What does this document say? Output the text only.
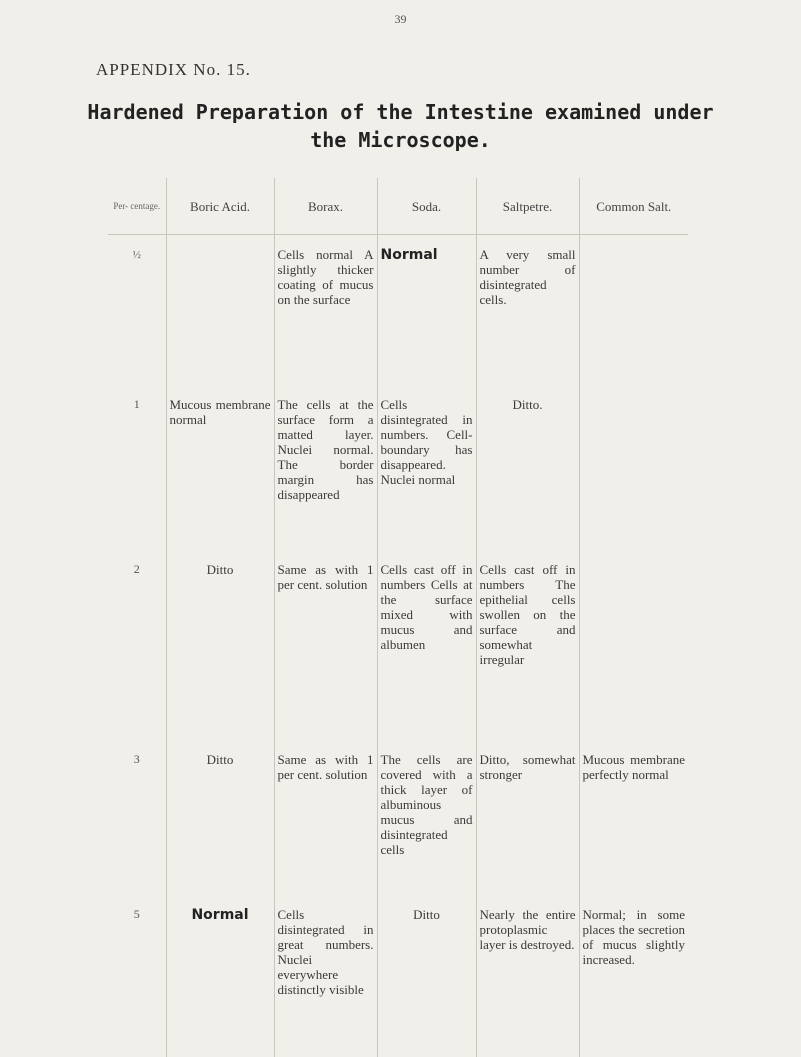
39
APPENDIX No. 15.
Hardened Preparation of the Intestine examined under
the Microscope.
Per- centage.	Boric Acid.	Borax.	Soda.	Saltpetre.	Common Salt.
½		Cells normal A slightly thicker coating of mucus on the surface	Normal	A very small number of disintegrated cells.	
1	Mucous membrane normal	The cells at the surface form a matted layer. Nuclei normal. The border margin has disappeared	Cells disintegrated in numbers. Cell-boundary has disappeared. Nuclei normal	Ditto.	
2	Ditto	Same as with 1 per cent. solution	Cells cast off in numbers Cells at the surface mixed with mucus and albumen	Cells cast off in numbers The epithelial cells swollen on the surface and somewhat irregular	
3	Ditto	Same as with 1 per cent. solution	The cells are covered with a thick layer of albuminous mucus and disintegrated cells	Ditto, somewhat stronger	Mucous membrane perfectly normal
5	Normal	Cells disintegrated in great numbers. Nuclei everywhere distinctly visible	Ditto	Nearly the entire protoplasmic layer is destroyed.	Normal; in some places the secretion of mucus slightly increased.
